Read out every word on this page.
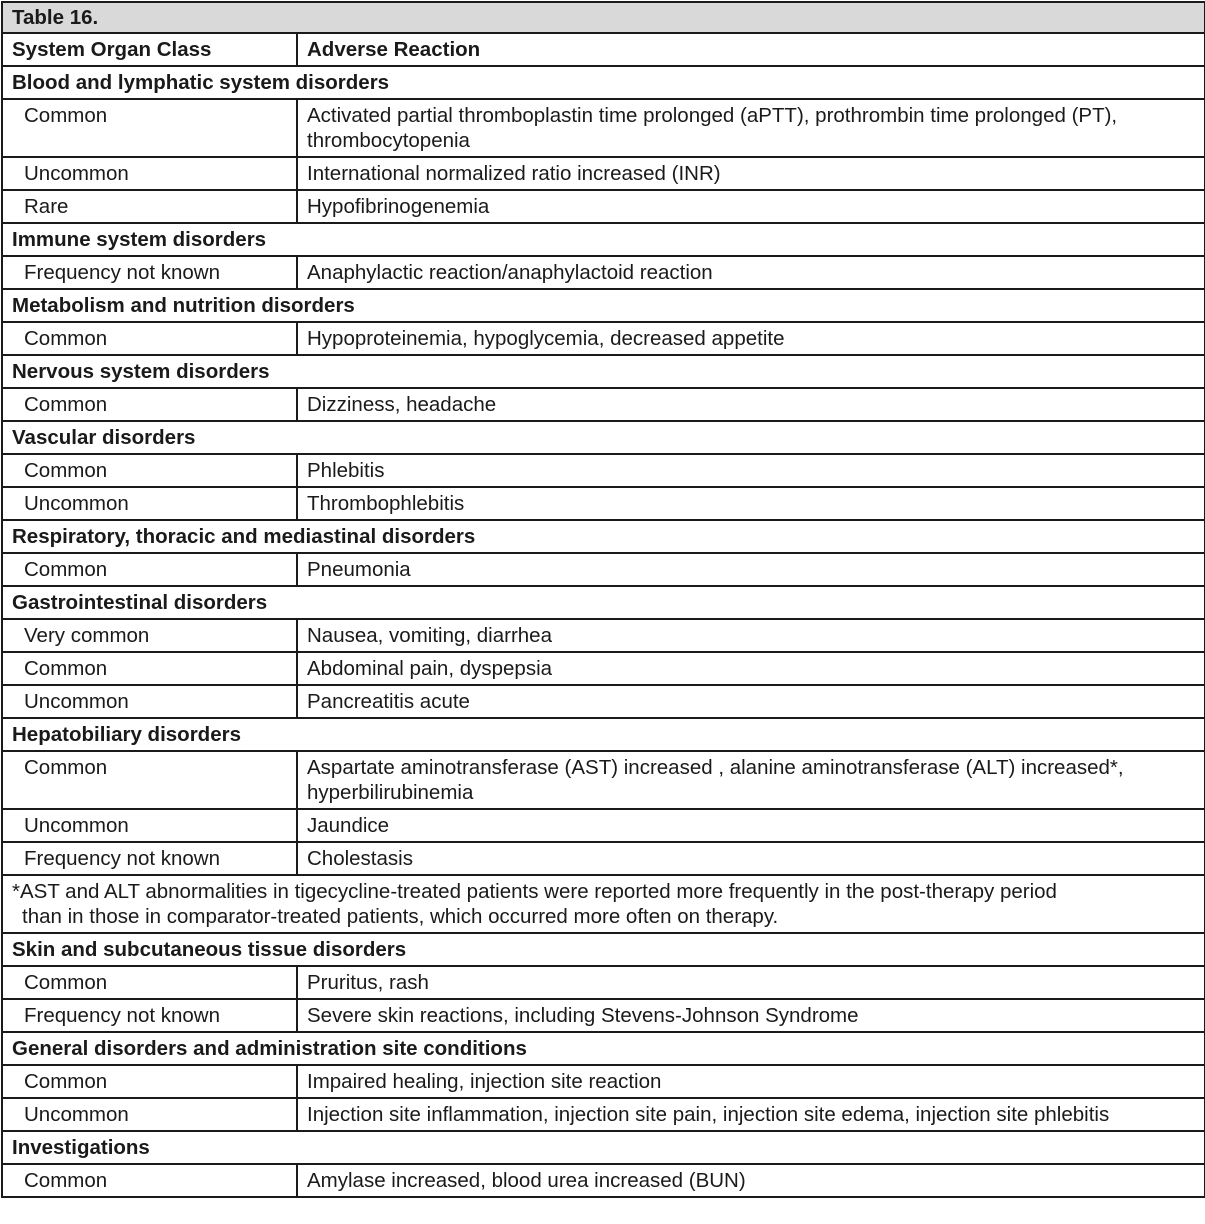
Table 16.	
System Organ Class	Adverse Reaction
Blood and lymphatic system disorders	
Common	Activated partial thromboplastin time prolonged (aPTT), prothrombin time prolonged (PT), thrombocytopenia
Uncommon	International normalized ratio increased (INR)
Rare	Hypofibrinogenemia
Immune system disorders	
Frequency not known	Anaphylactic reaction/anaphylactoid reaction
Metabolism and nutrition disorders	
Common	Hypoproteinemia, hypoglycemia, decreased appetite
Nervous system disorders	
Common	Dizziness, headache
Vascular disorders	
Common	Phlebitis
Uncommon	Thrombophlebitis
Respiratory, thoracic and mediastinal disorders	
Common	Pneumonia
Gastrointestinal disorders	
Very common	Nausea, vomiting, diarrhea
Common	Abdominal pain, dyspepsia
Uncommon	Pancreatitis acute
Hepatobiliary disorders	
Common	Aspartate aminotransferase (AST) increased , alanine aminotransferase (ALT) increased*, hyperbilirubinemia
Uncommon	Jaundice
Frequency not known	Cholestasis

*AST and ALT abnormalities in tigecycline-treated patients were reported more frequently in the post-therapy period
than in those in comparator-treated patients, which occurred more often on therapy.	

Skin and subcutaneous tissue disorders	
Common	Pruritus, rash
Frequency not known	Severe skin reactions, including Stevens-Johnson Syndrome
General disorders and administration site conditions	
Common	Impaired healing, injection site reaction
Uncommon	Injection site inflammation, injection site pain, injection site edema, injection site phlebitis
Investigations	
Common	Amylase increased, blood urea increased (BUN)
